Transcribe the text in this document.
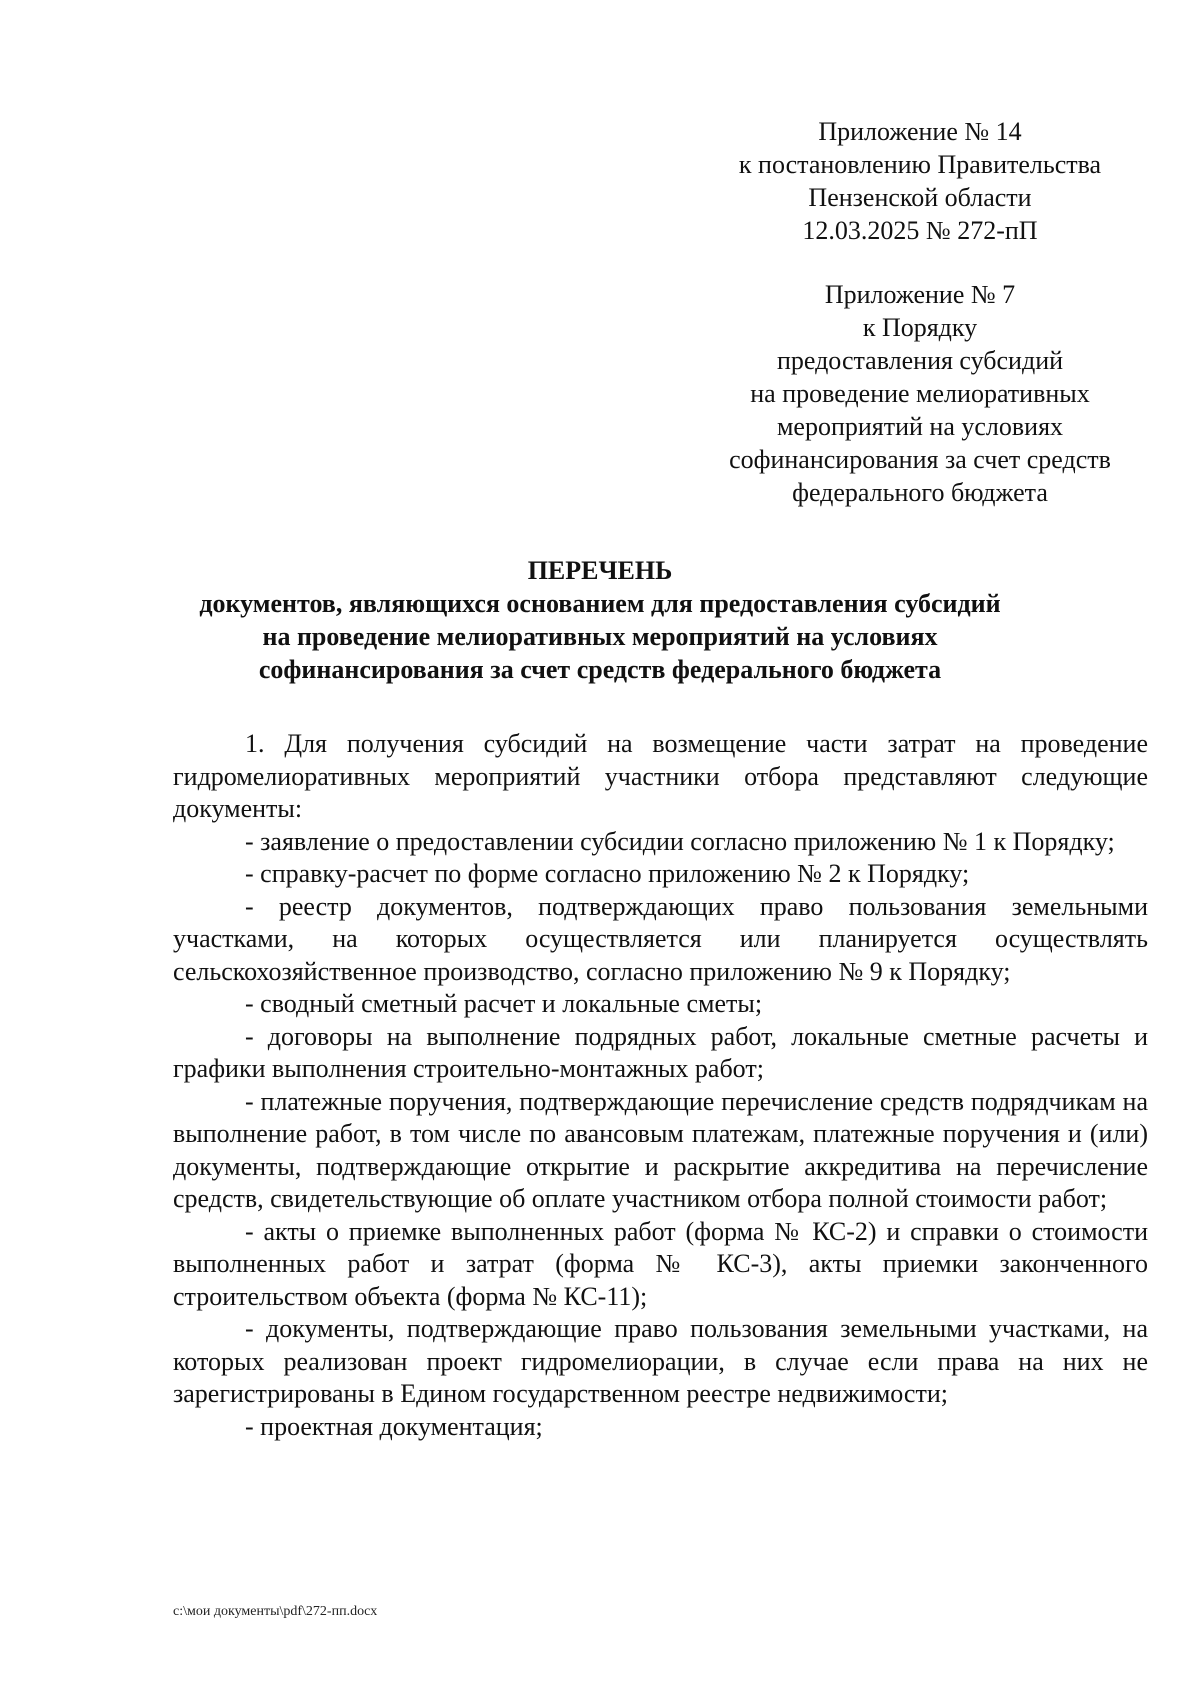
Приложение № 14
к постановлению Правительства
Пензенской области
12.03.2025 № 272-пП
Приложение № 7
к Порядку
предоставления субсидий
на проведение мелиоративных
мероприятий на условиях
софинансирования за счет средств
федерального бюджета
ПЕРЕЧЕНЬ
документов, являющихся основанием для предоставления субсидий
на проведение мелиоративных мероприятий на условиях
софинансирования за счет средств федерального бюджета

1. Для получения субсидий на возмещение части затрат на проведение гидромелиоративных мероприятий участники отбора представляют следующие документы:

- заявление о предоставлении субсидии согласно приложению № 1 к Порядку;

- справку-расчет по форме согласно приложению № 2 к Порядку;

- реестр документов, подтверждающих право пользования земельными участками, на которых осуществляется или планируется осуществлять сельскохозяйственное производство, согласно приложению № 9 к Порядку;

- сводный сметный расчет и локальные сметы;

- договоры на выполнение подрядных работ, локальные сметные расчеты и графики выполнения строительно-монтажных работ;

- платежные поручения, подтверждающие перечисление средств подрядчикам на выполнение работ, в том числе по авансовым платежам, платежные поручения и (или) документы, подтверждающие открытие и раскрытие аккредитива на перечисление средств, свидетельствующие об оплате участником отбора полной стоимости работ;

- акты о приемке выполненных работ (форма № КС-2) и справки о стоимости выполненных работ и затрат (форма № КС-3), акты приемки законченного строительством объекта (форма № КС-11);

- документы, подтверждающие право пользования земельными участками, на которых реализован проект гидромелиорации, в случае если права на них не зарегистрированы в Едином государственном реестре недвижимости;

- проектная документация;

c:\мои документы\pdf\272-пп.docx
